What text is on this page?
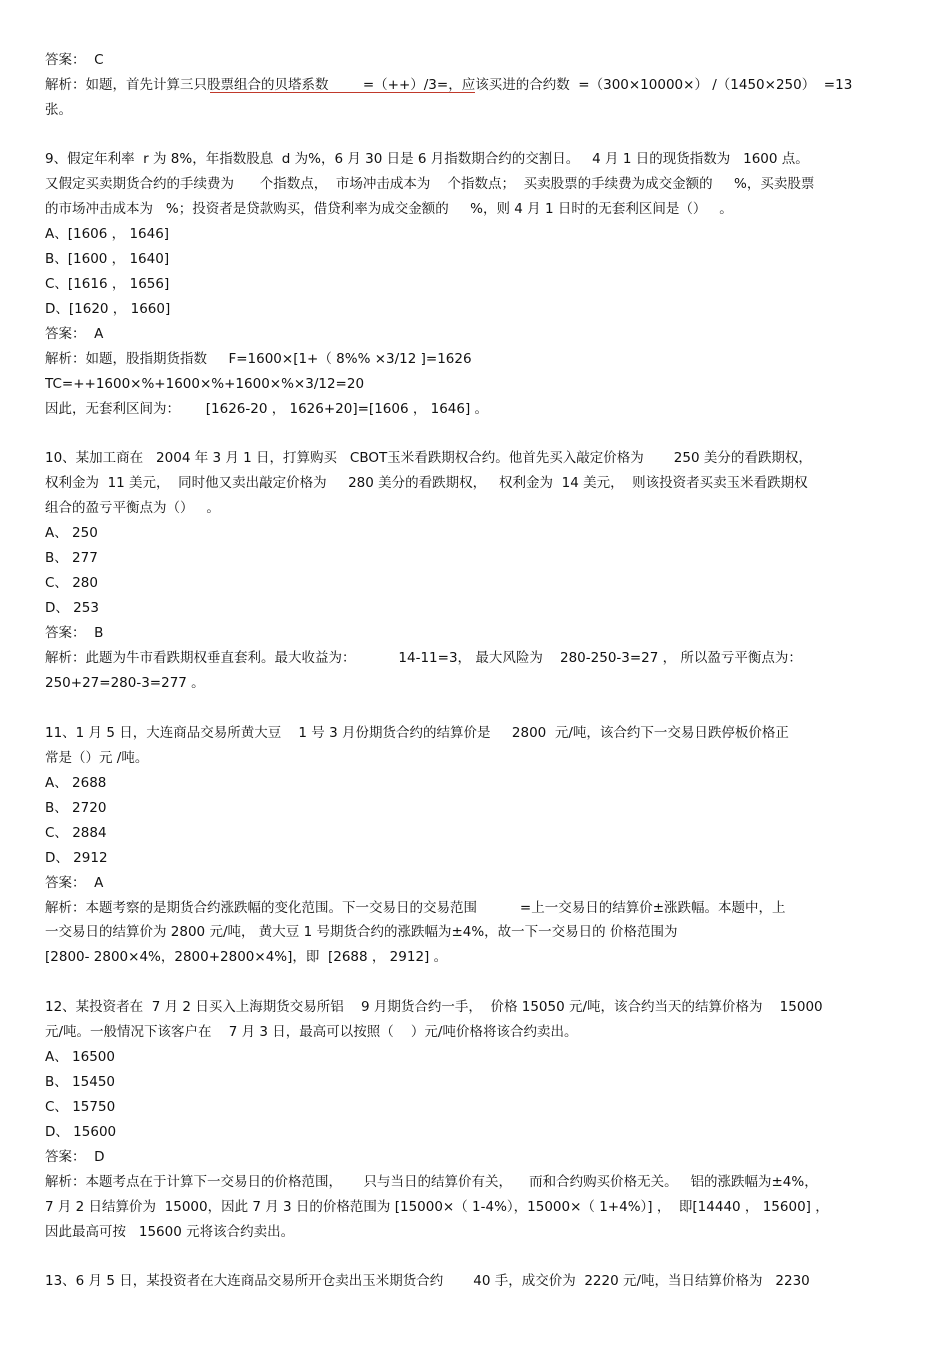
答案：  C
解析：如题，首先计算三只股票组合的贝塔系数        =（++）/3=，应该买进的合约数  =（300×10000×） /（1450×250）  =13
张。
9、假定年利率  r 为 8%，年指数股息  d 为%，6 月 30 日是 6 月指数期合约的交割日。   4 月 1 日的现货指数为   1600 点。
又假定买卖期货合约的手续费为      个指数点，  市场冲击成本为    个指数点；  买卖股票的手续费为成交金额的     %，买卖股票
的市场冲击成本为   %；投资者是贷款购买，借贷利率为成交金额的     %，则 4 月 1 日时的无套利区间是（）   。
A、[1606 ， 1646]
B、[1600 ， 1640]
C、[1616 ， 1656]
D、[1620 ， 1660]
答案：  A
解析：如题，股指期货指数     F=1600×[1+（ 8%% ×3/12 ]=1626
TC=++1600×%+1600×%+1600×%×3/12=20
因此，无套利区间为：      [1626-20 ， 1626+20]=[1606 ， 1646] 。
10、某加工商在   2004 年 3 月 1 日，打算购买   CBOT玉米看跌期权合约。他首先买入敲定价格为       250 美分的看跌期权，
权利金为  11 美元，  同时他又卖出敲定价格为     280 美分的看跌期权，   权利金为  14 美元，  则该投资者买卖玉米看跌期权
组合的盈亏平衡点为（）   。
A、 250
B、 277
C、 280
D、 253
答案：  B
解析：此题为牛市看跌期权垂直套利。最大收益为：          14-11=3， 最大风险为    280-250-3=27 ， 所以盈亏平衡点为：
250+27=280-3=277 。
11、1 月 5 日，大连商品交易所黄大豆    1 号 3 月份期货合约的结算价是     2800  元/吨，该合约下一交易日跌停板价格正
常是（）元 /吨。
A、 2688
B、 2720
C、 2884
D、 2912
答案：  A
解析：本题考察的是期货合约涨跌幅的变化范围。下一交易日的交易范围          =上一交易日的结算价±涨跌幅。本题中，上
一交易日的结算价为 2800 元/吨， 黄大豆 1 号期货合约的涨跌幅为±4%，故一下一交易日的 价格范围为
[2800- 2800×4%，2800+2800×4%]，即  [2688 ， 2912] 。
12、某投资者在  7 月 2 日买入上海期货交易所铝    9 月期货合约一手，  价格 15050 元/吨，该合约当天的结算价格为    15000
元/吨。一般情况下该客户在    7 月 3 日，最高可以按照（    ）元/吨价格将该合约卖出。
A、 16500
B、 15450
C、 15750
D、 15600
答案：  D
解析：本题考点在于计算下一交易日的价格范围，     只与当日的结算价有关，    而和合约购买价格无关。   铝的涨跌幅为±4%，
7 月 2 日结算价为  15000，因此 7 月 3 日的价格范围为 [15000×（ 1-4%），15000×（ 1+4%）] ，  即[14440 ， 15600] ，
因此最高可按   15600 元将该合约卖出。
13、6 月 5 日，某投资者在大连商品交易所开仓卖出玉米期货合约       40 手，成交价为  2220 元/吨，当日结算价格为   2230
